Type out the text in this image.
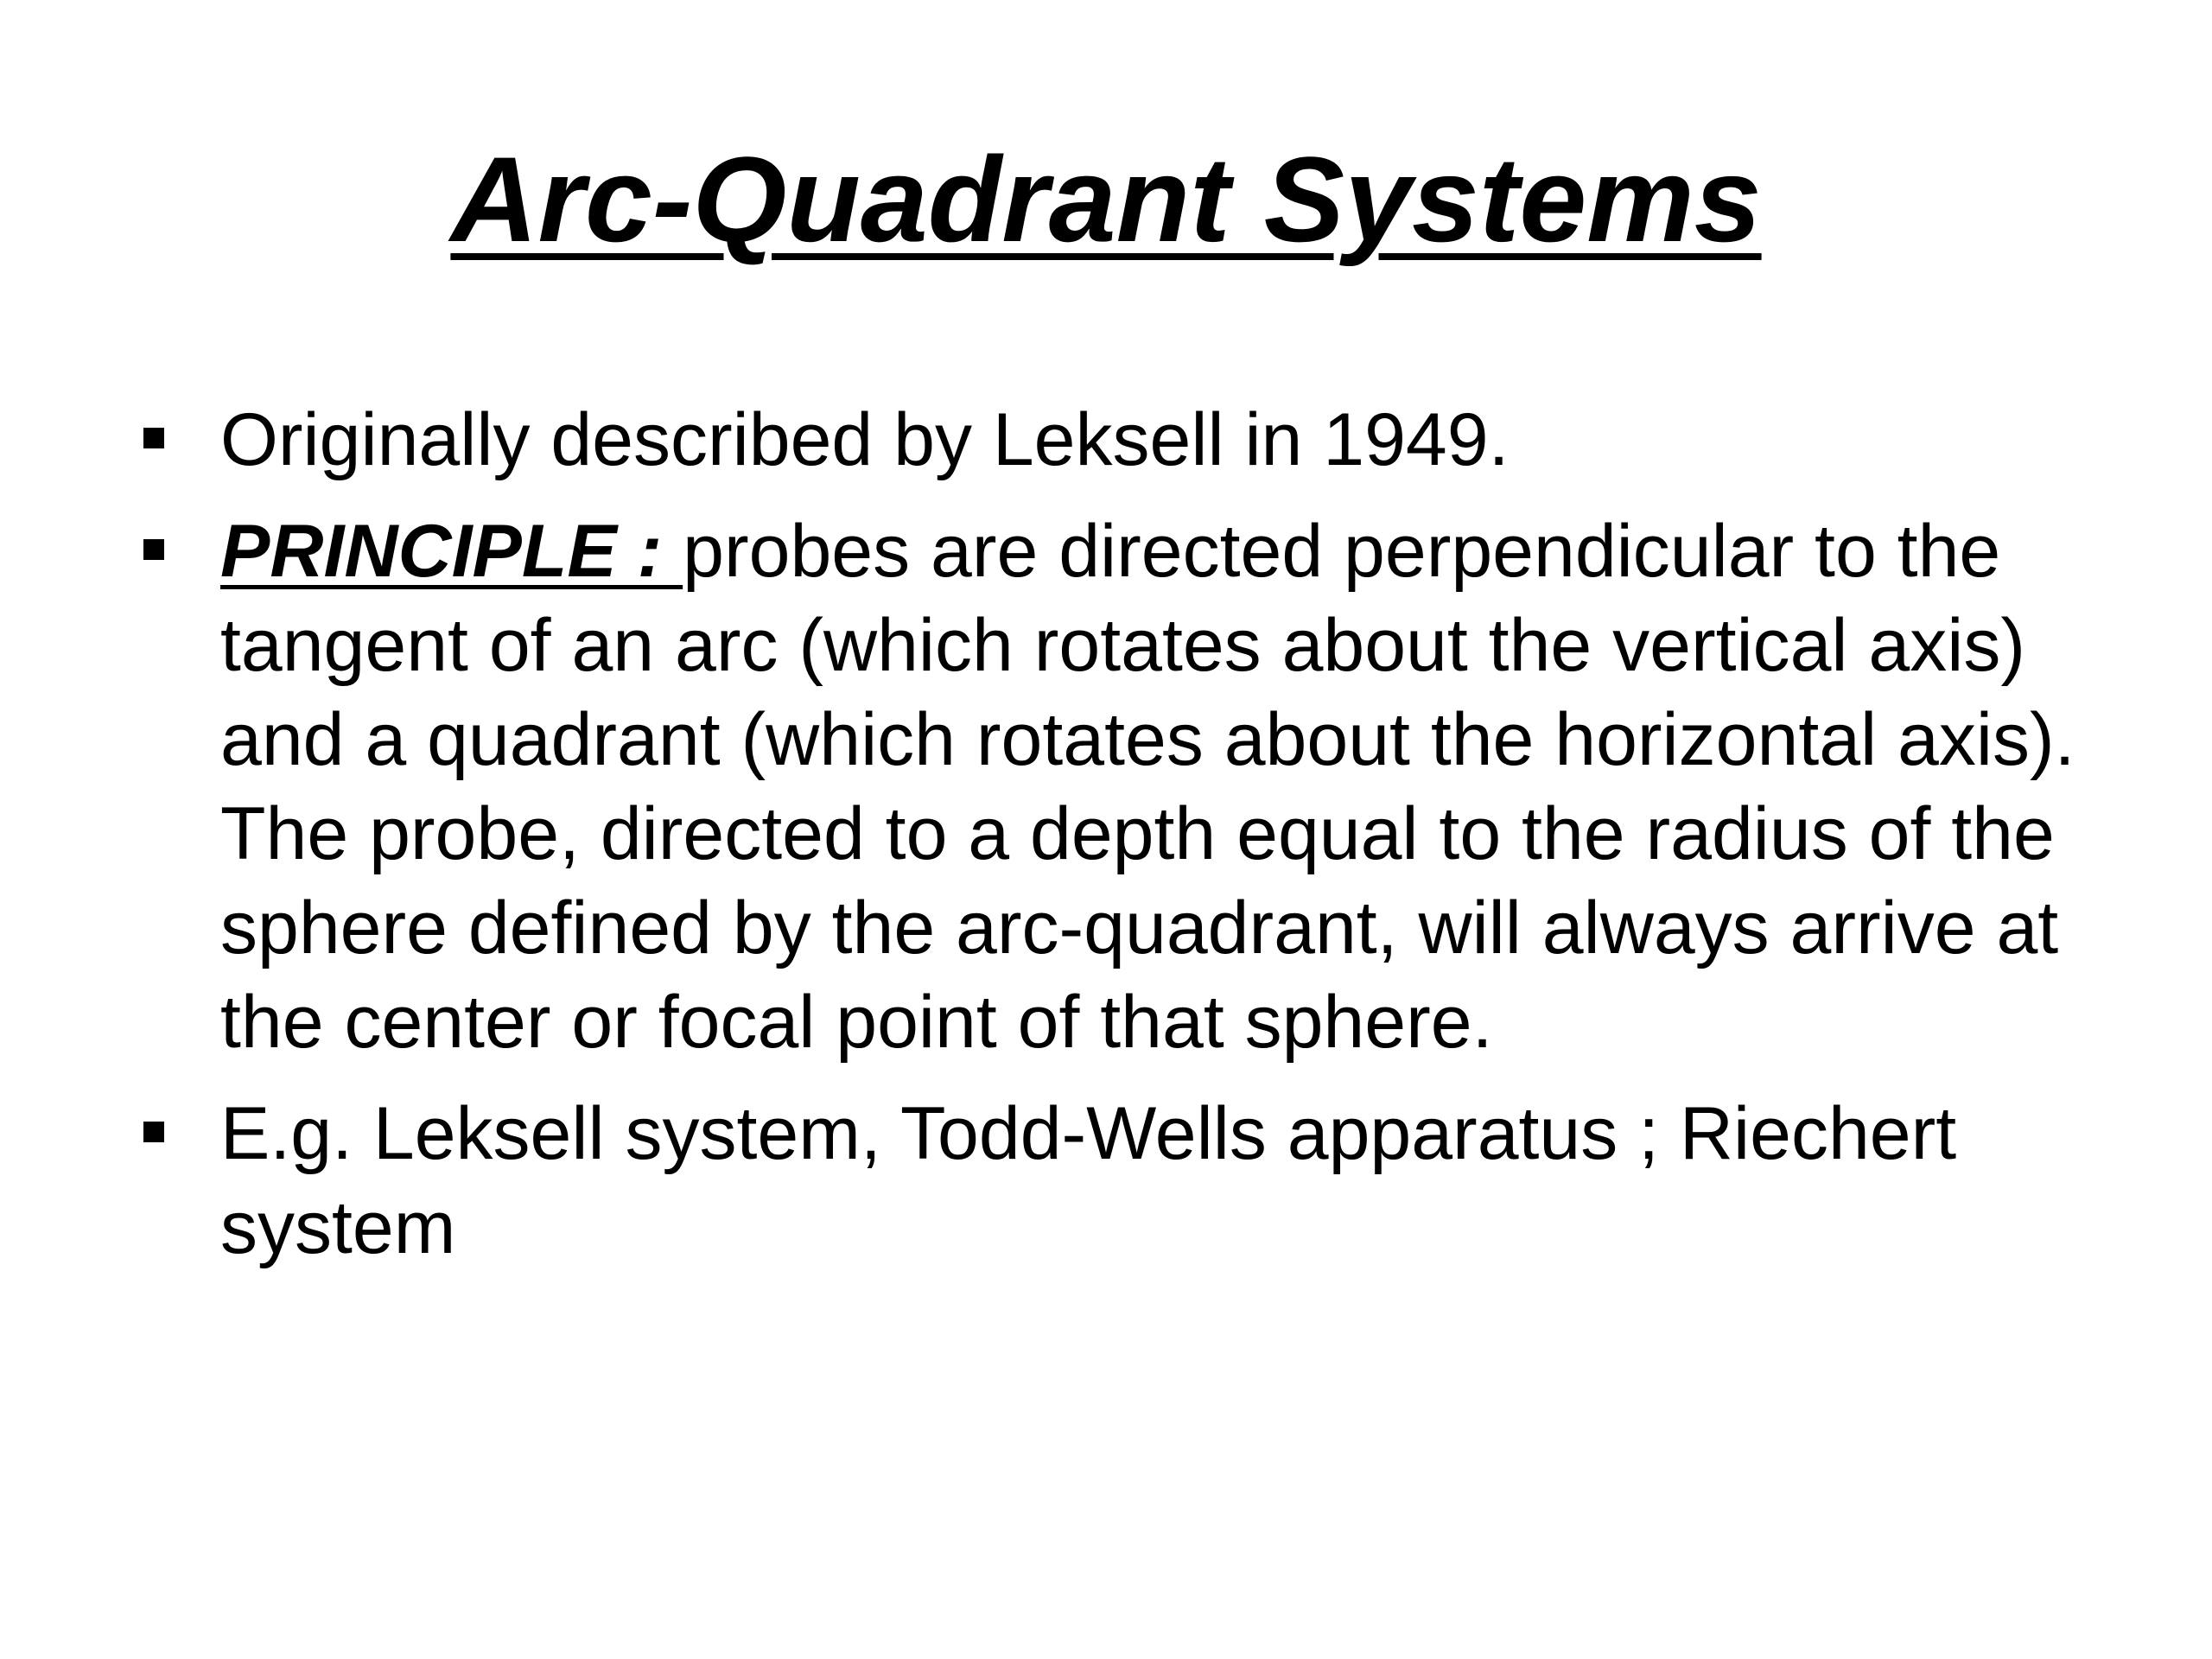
Arc-Quadrant Systems
Originally described by Leksell in 1949.
PRINCIPLE : probes are directed perpendicular to the tangent of an arc (which rotates about the vertical axis) and a quadrant (which rotates about the horizontal axis). The probe, directed to a depth equal to the radius of the sphere defined by the arc-quadrant, will always arrive at the center or focal point of that sphere.
E.g. Leksell system, Todd-Wells apparatus ; Riechert system
